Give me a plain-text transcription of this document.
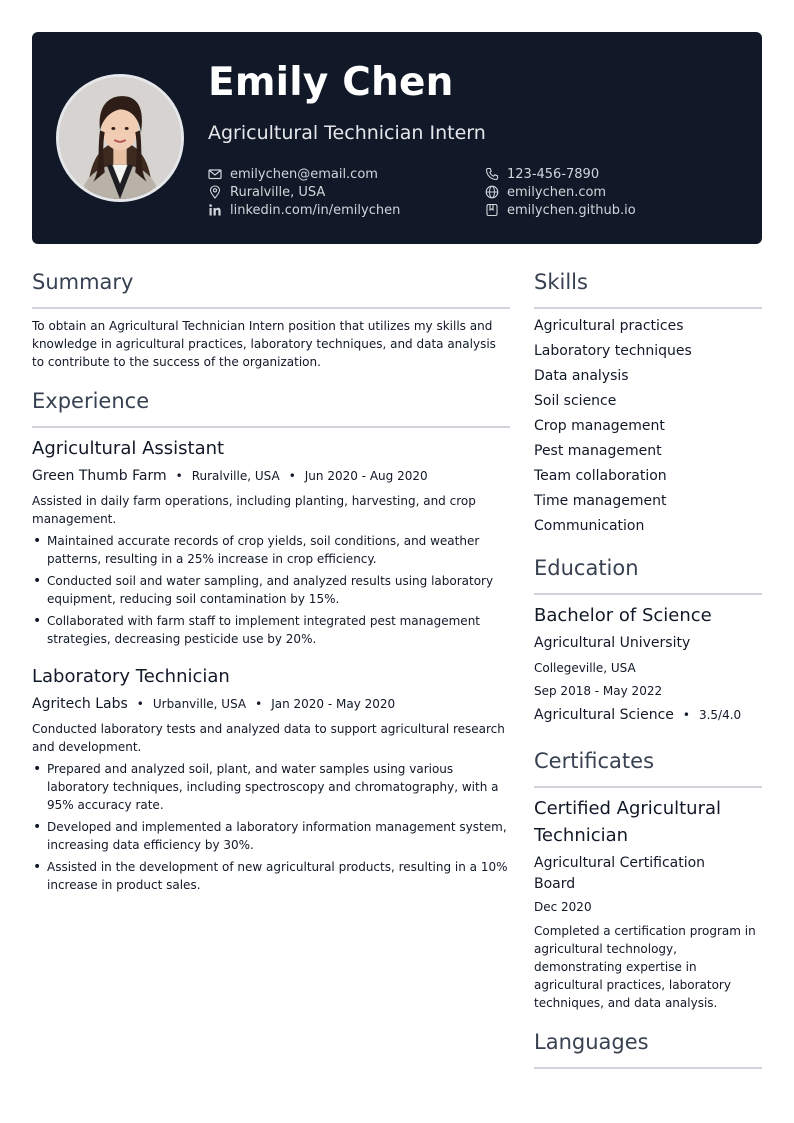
Emily Chen
Agricultural Technician Intern
emilychen@email.com	123-456-7890
Ruralville, USA	emilychen.com
linkedin.com/in/emilychen	emilychen.github.io
Summary
To obtain an Agricultural Technician Intern position that utilizes my skills and knowledge in agricultural practices, laboratory techniques, and data analysis to contribute to the success of the organization.
Experience
Agricultural Assistant
Green Thumb Farm • Ruralville, USA • Jun 2020 - Aug 2020
Assisted in daily farm operations, including planting, harvesting, and crop management.
• Maintained accurate records of crop yields, soil conditions, and weather patterns, resulting in a 25% increase in crop efficiency.
• Conducted soil and water sampling, and analyzed results using laboratory equipment, reducing soil contamination by 15%.
• Collaborated with farm staff to implement integrated pest management strategies, decreasing pesticide use by 20%.
Laboratory Technician
Agritech Labs • Urbanville, USA • Jan 2020 - May 2020
Conducted laboratory tests and analyzed data to support agricultural research and development.
• Prepared and analyzed soil, plant, and water samples using various laboratory techniques, including spectroscopy and chromatography, with a 95% accuracy rate.
• Developed and implemented a laboratory information management system, increasing data efficiency by 30%.
• Assisted in the development of new agricultural products, resulting in a 10% increase in product sales.
Skills
Agricultural practices
Laboratory techniques
Data analysis
Soil science
Crop management
Pest management
Team collaboration
Time management
Communication
Education
Bachelor of Science
Agricultural University
Collegeville, USA
Sep 2018 - May 2022
Agricultural Science • 3.5/4.0
Certificates
Certified Agricultural
Technician
Agricultural Certification
Board
Dec 2020
Completed a certification program in agricultural technology, demonstrating expertise in agricultural practices, laboratory techniques, and data analysis.
Languages
